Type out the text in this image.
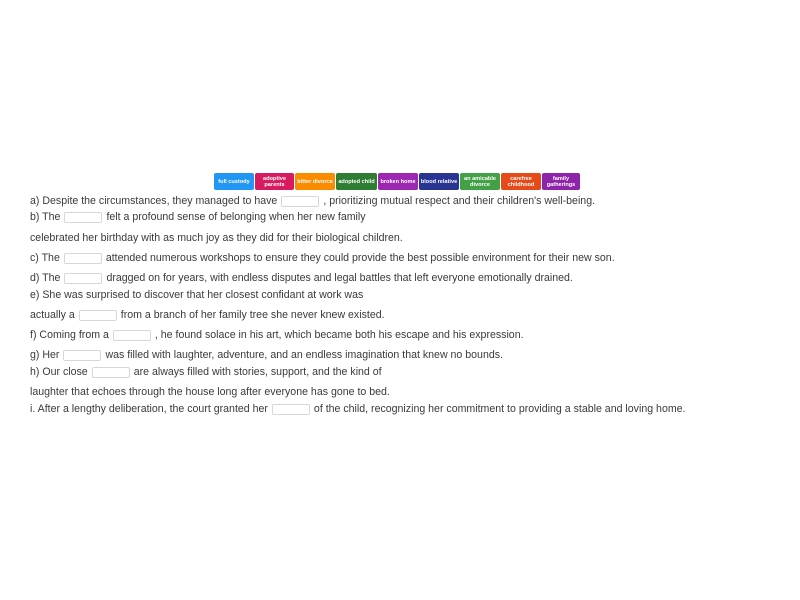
full custody	adoptive parents	bitter divorce adopted child	broken home blood relative	an amicable divorce
carefree childhood
family gatherings
a) Despite the circumstances, they managed to have	, prioritizing mutual respect and their children's well-being.
b) The	felt a profound sense of belonging when her new family
celebrated her birthday with as much joy as they did for their biological children.
c) The	attended numerous workshops to ensure they could provide the best possible environment for their new son.
d) The	dragged on for years, with endless disputes and legal battles that left everyone emotionally drained.
e) She was surprised to discover that her closest confidant at work was
actually a	from a branch of her family tree she never knew existed.
f) Coming from a	, he found solace in his art, which became both his escape and his expression.
g) Her	was filled with laughter, adventure, and an endless imagination that knew no bounds.
h) Our close	are always filled with stories, support, and the kind of
laughter that echoes through the house long after everyone has gone to bed.
i. After a lengthy deliberation, the court granted her	of the child, recognizing her commitment to providing a stable and loving home.
